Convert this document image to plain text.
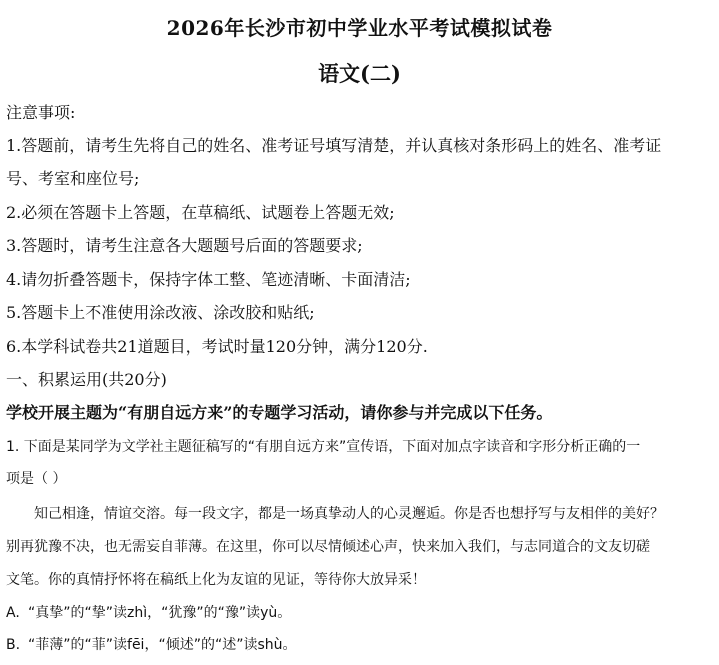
2026年长沙市初中学业水平考试模拟试卷
语文(二)
注意事项:
1.答题前，请考生先将自己的姓名、准考证号填写清楚，并认真核对条形码上的姓名、准考证
号、考室和座位号;
2.必须在答题卡上答题，在草稿纸、试题卷上答题无效;
3.答题时，请考生注意各大题题号后面的答题要求;
4.请勿折叠答题卡，保持字体工整、笔迹清晰、卡面清洁;
5.答题卡上不准使用涂改液、涂改胶和贴纸;
6.本学科试卷共21道题目，考试时量120分钟，满分120分.
一、积累运用(共20分)
学校开展主题为“有朋自远方来”的专题学习活动，请你参与并完成以下任务。
1. 下面是某同学为文学社主题征稿写的“有朋自远方来”宣传语，下面对加点字读音和字形分析正确的一
项是（ ）
知己相逢，情谊交溶。每一段文字，都是一场真挚动人的心灵邂逅。你是否也想抒写与友相伴的美好？
别再犹豫不决，也无需妄自菲薄。在这里，你可以尽情倾述心声，快来加入我们，与志同道合的文友切磋
文笔。你的真情抒怀将在稿纸上化为友谊的见证，等待你大放异采！
A. “真挚”的“挚”读zhì，“犹豫”的“豫”读yù。
B. “菲薄”的“菲”读fēi，“倾述”的“述”读shù。
